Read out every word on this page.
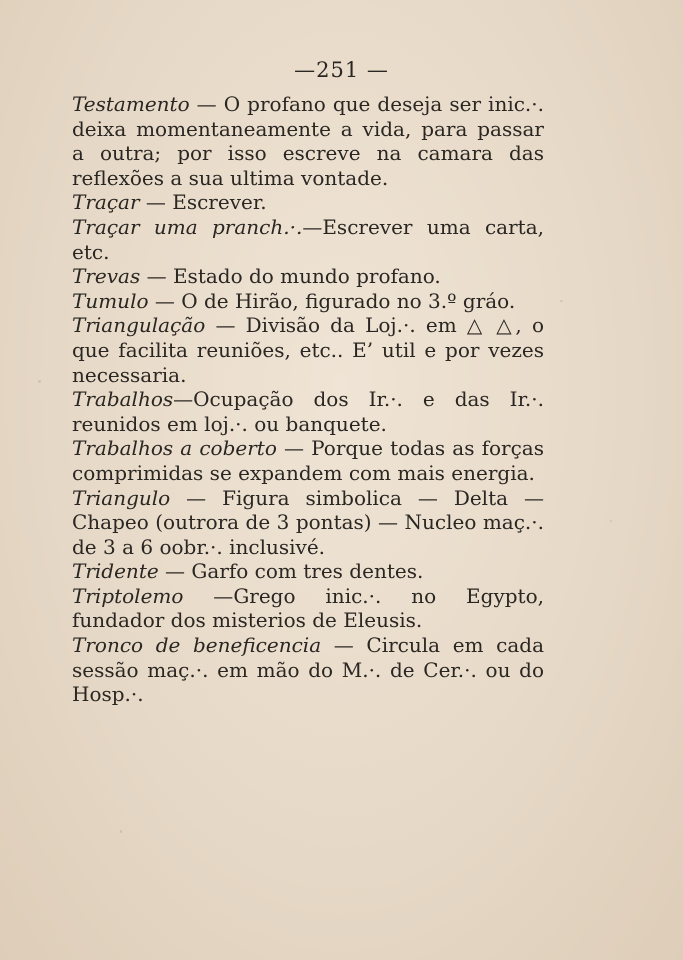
—251 —

Testamento — O profano que deseja ser inic.·. deixa momentaneamente a vida, para passar a outra; por isso escreve na camara das reflexões a sua ultima vontade.

Traçar — Escrever.

Traçar uma pranch.·.—Escrever uma carta, etc.

Trevas — Estado do mundo profano.

Tumulo — O de Hirão, figurado no 3.º gráo.

Triangulação — Divisão da Loj.·. em △ △, o que facilita reuniões, etc.. E’ util e por vezes necessaria.

Trabalhos—Ocupação dos Ir.·. e das Ir.·. reunidos em loj.·. ou banquete.

Trabalhos a coberto — Porque todas as forças comprimidas se expandem com mais energia.

Triangulo — Figura simbolica — Delta — Chapeo (outrora de 3 pontas) — Nucleo maç.·. de 3 a 6 oobr.·. inclusivé.

Tridente — Garfo com tres dentes.

Triptolemo —Grego inic.·. no Egypto, fundador dos misterios de Eleusis.

Tronco de beneficencia — Circula em cada sessão maç.·. em mão do M.·. de Cer.·. ou do Hosp.·.
